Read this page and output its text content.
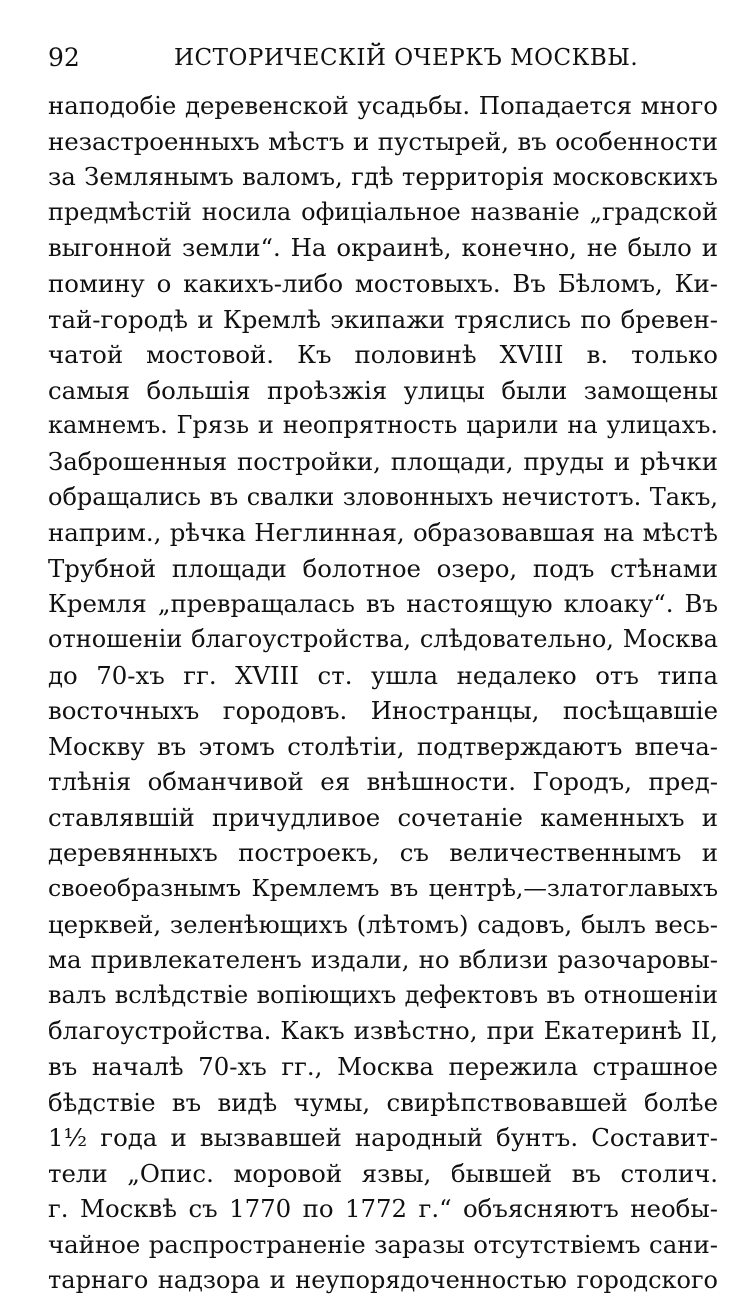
92	ИСТОРИЧЕСКІЙ ОЧЕРКЪ МОСКВЫ.
наподобіе деревенской усадьбы. Попадается много
незастроенныхъ мѣстъ и пустырей, въ особенности
за Землянымъ валомъ, гдѣ территорія московскихъ
предмѣстій носила офиціальное названіе „градской
выгонной земли“. На окраинѣ, конечно, не было и
помину о какихъ-либо мостовыхъ. Въ Бѣломъ, Ки-
тай-городѣ и Кремлѣ экипажи тряслись по бревен-
чатой мостовой. Къ половинѣ XVIII в. только
самыя большія проѣзжія улицы были замощены
камнемъ. Грязь и неопрятность царили на улицахъ.
Заброшенныя постройки, площади, пруды и рѣчки
обращались въ свалки зловонныхъ нечистотъ. Такъ,
наприм., рѣчка Неглинная, образовавшая на мѣстѣ
Трубной площади болотное озеро, подъ стѣнами
Кремля „превращалась въ настоящую клоаку“. Въ
отношеніи благоустройства, слѣдовательно, Москва
до 70-хъ гг. XVIII ст. ушла недалеко отъ типа
восточныхъ городовъ. Иностранцы, посѣщавшіе
Москву въ этомъ столѣтіи, подтверждаютъ впеча-
тлѣнія обманчивой ея внѣшности. Городъ, пред-
ставлявшій причудливое сочетаніе каменныхъ и
деревянныхъ построекъ, съ величественнымъ и
своеобразнымъ Кремлемъ въ центрѣ,—златоглавыхъ
церквей, зеленѣющихъ (лѣтомъ) садовъ, былъ весь-
ма привлекателенъ издали, но вблизи разочаровы-
валъ вслѣдствіе вопіющихъ дефектовъ въ отношеніи
благоустройства. Какъ извѣстно, при Екатеринѣ II,
въ началѣ 70-хъ гг., Москва пережила страшное
бѣдствіе въ видѣ чумы, свирѣпствовавшей болѣе
1½ года и вызвавшей народный бунтъ. Составит-
тели „Опис. моровой язвы, бывшей въ столич.
г. Москвѣ съ 1770 по 1772 г.“ объясняютъ необы-
чайное распространеніе заразы отсутствіемъ сани-
тарнаго надзора и неупорядоченностью городского
